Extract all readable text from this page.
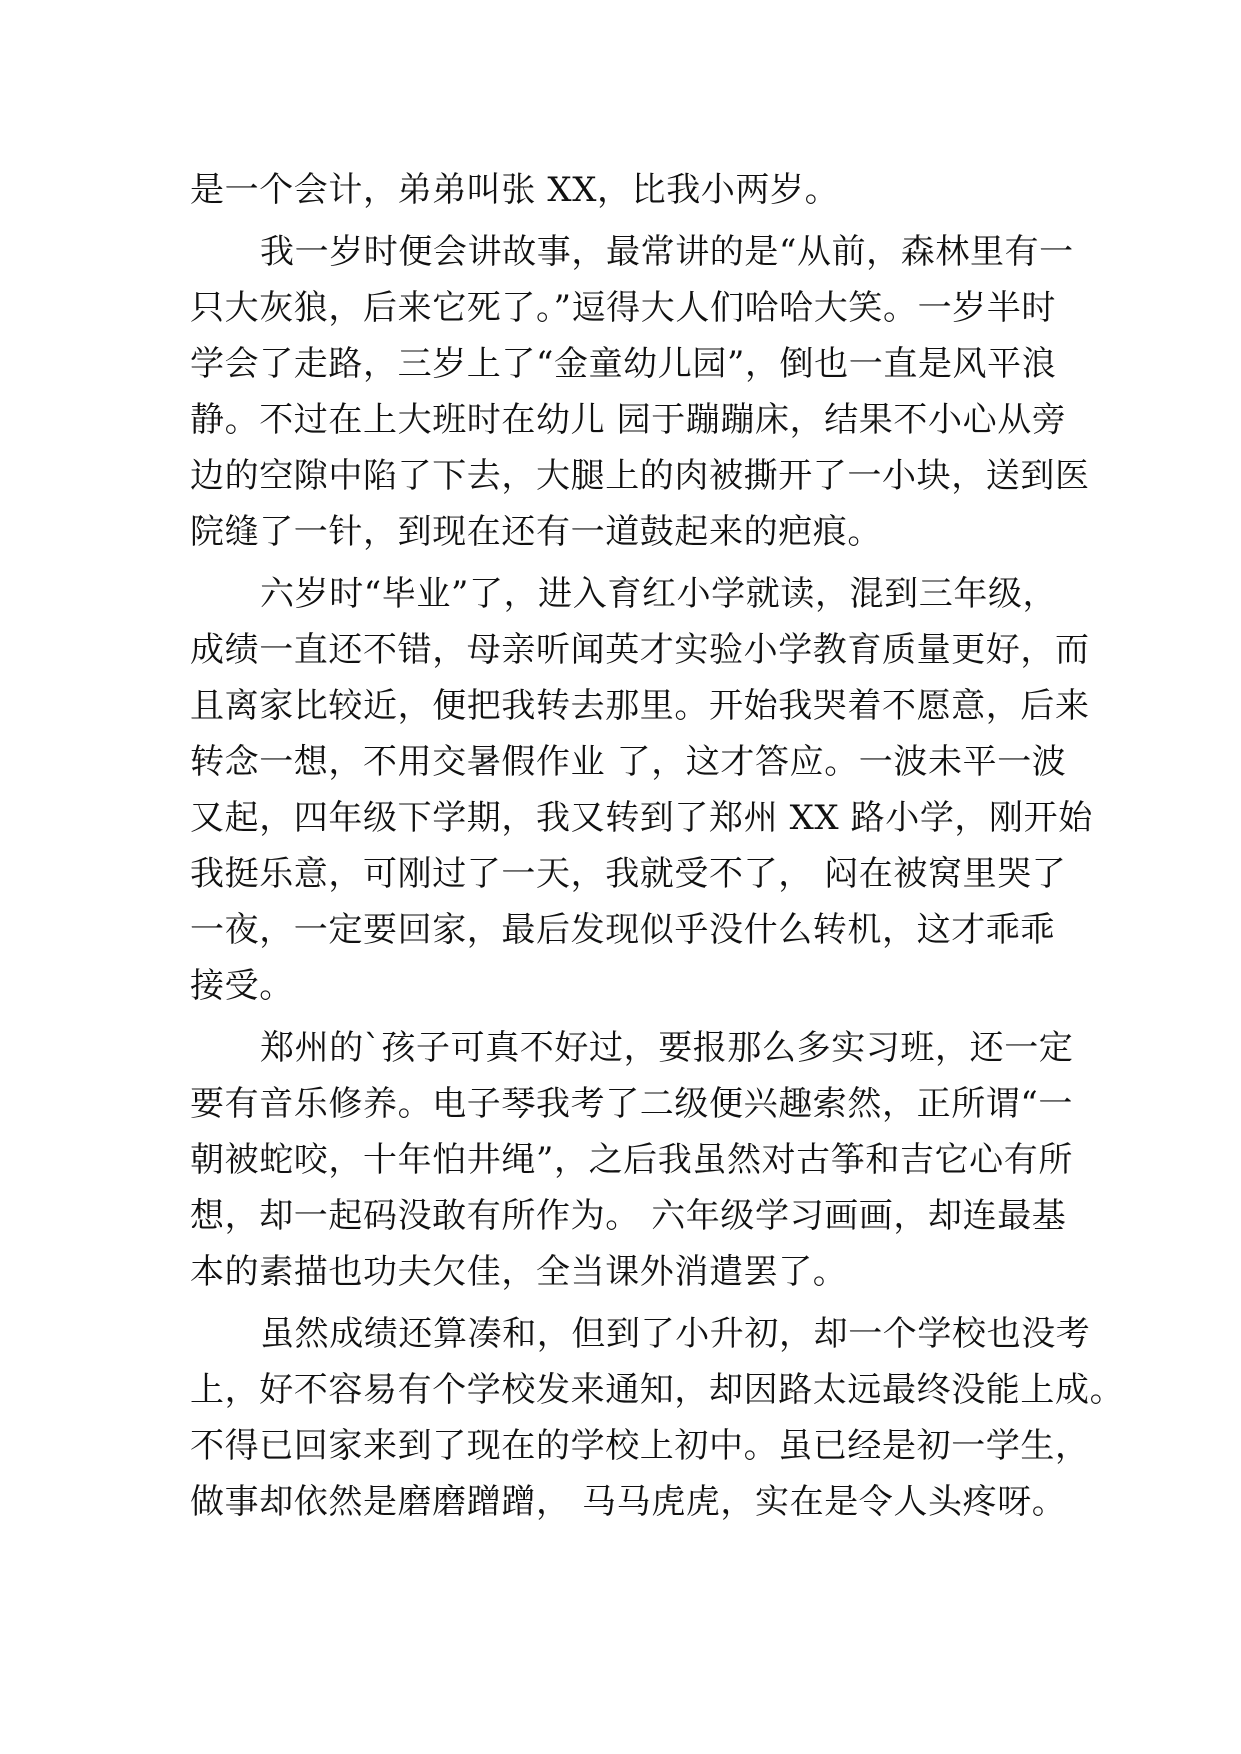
是一个会计，弟弟叫张 XX，比我小两岁。
我一岁时便会讲故事，最常讲的是“从前，森林里有一
只大灰狼，后来它死了。”逗得大人们哈哈大笑。一岁半时
学会了走路，三岁上了“金童幼儿园”，倒也一直是风平浪
静。不过在上大班时在幼儿 园于蹦蹦床，结果不小心从旁
边的空隙中陷了下去，大腿上的肉被撕开了一小块，送到医
院缝了一针，到现在还有一道鼓起来的疤痕。
六岁时“毕业”了，进入育红小学就读，混到三年级，
成绩一直还不错，母亲听闻英才实验小学教育质量更好，而
且离家比较近，便把我转去那里。开始我哭着不愿意，后来
转念一想，不用交暑假作业 了，这才答应。一波未平一波
又起，四年级下学期，我又转到了郑州 XX 路小学，刚开始
我挺乐意，可刚过了一天，我就受不了， 闷在被窝里哭了
一夜，一定要回家，最后发现似乎没什么转机，这才乖乖
接受。
郑州的`孩子可真不好过，要报那么多实习班，还一定
要有音乐修养。电子琴我考了二级便兴趣索然，正所谓“一
朝被蛇咬，十年怕井绳”，之后我虽然对古筝和吉它心有所
想，却一起码没敢有所作为。 六年级学习画画，却连最基
本的素描也功夫欠佳，全当课外消遣罢了。
虽然成绩还算凑和，但到了小升初，却一个学校也没考
上，好不容易有个学校发来通知，却因路太远最终没能上成。
不得已回家来到了现在的学校上初中。虽已经是初一学生，
做事却依然是磨磨蹭蹭， 马马虎虎，实在是令人头疼呀。
